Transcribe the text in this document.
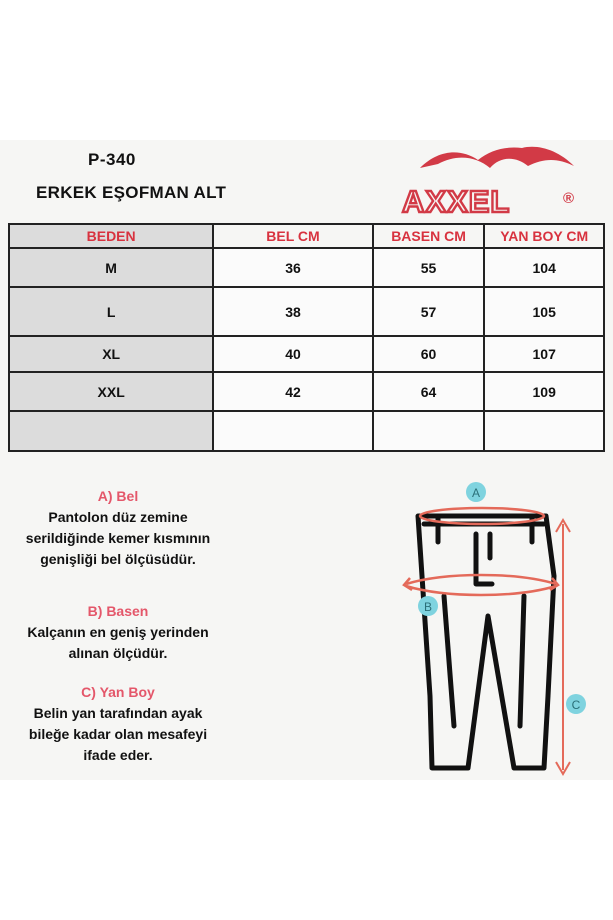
P-340
ERKEK EŞOFMAN ALT	AXXEL	®
BEDEN	BEL CM	BASEN CM	YAN BOY CM
M	36	55	104
L	38	57	105
XL	40	60	107
XXL	42	64	109

A) Bel
Pantolon düz zemine
serildiğinde kemer kısmının
genişliği bel ölçüsüdür.
B) Basen
Kalçanın en geniş yerinden
alınan ölçüdür.
C) Yan Boy
Belin yan tarafından ayak
bileğe kadar olan mesafeyi
ifade eder.
A
B
C
